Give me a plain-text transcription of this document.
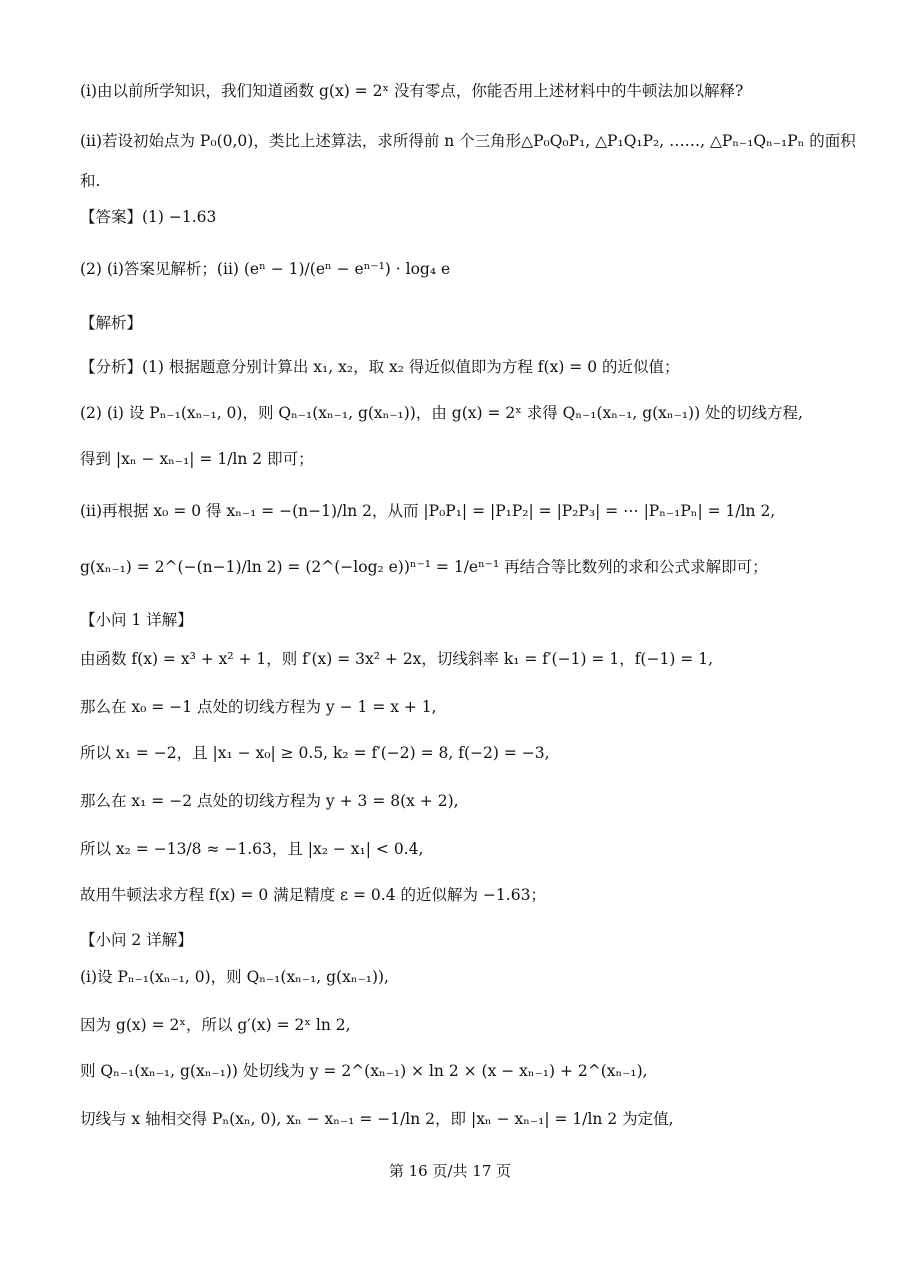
(i)由以前所学知识，我们知道函数 g(x) = 2ˣ 没有零点，你能否用上述材料中的牛顿法加以解释?
(ii)若设初始点为 P₀(0,0)，类比上述算法，求所得前 n 个三角形△P₀Q₀P₁, △P₁Q₁P₂, ……, △Pₙ₋₁Qₙ₋₁Pₙ 的面积
和.
【答案】(1) −1.63
(2) (i)答案见解析；(ii) (eⁿ − 1)/(eⁿ − eⁿ⁻¹) · log₄ e
【解析】
【分析】(1) 根据题意分别计算出 x₁, x₂，取 x₂ 得近似值即为方程 f(x) = 0 的近似值；
(2) (i) 设 Pₙ₋₁(xₙ₋₁, 0)，则 Qₙ₋₁(xₙ₋₁, g(xₙ₋₁))，由 g(x) = 2ˣ 求得 Qₙ₋₁(xₙ₋₁, g(xₙ₋₁)) 处的切线方程,
得到 |xₙ − xₙ₋₁| = 1/ln 2 即可；
(ii)再根据 x₀ = 0 得 xₙ₋₁ = −(n−1)/ln 2，从而 |P₀P₁| = |P₁P₂| = |P₂P₃| = ⋯ |Pₙ₋₁Pₙ| = 1/ln 2,
g(xₙ₋₁) = 2^(−(n−1)/ln 2) = (2^(−log₂ e))ⁿ⁻¹ = 1/eⁿ⁻¹ 再结合等比数列的求和公式求解即可；
【小问 1 详解】
由函数 f(x) = x³ + x² + 1，则 f′(x) = 3x² + 2x，切线斜率 k₁ = f′(−1) = 1，f(−1) = 1,
那么在 x₀ = −1 点处的切线方程为 y − 1 = x + 1,
所以 x₁ = −2，且 |x₁ − x₀| ≥ 0.5, k₂ = f′(−2) = 8, f(−2) = −3,
那么在 x₁ = −2 点处的切线方程为 y + 3 = 8(x + 2),
所以 x₂ = −13/8 ≈ −1.63，且 |x₂ − x₁| < 0.4,
故用牛顿法求方程 f(x) = 0 满足精度 ε = 0.4 的近似解为 −1.63；
【小问 2 详解】
(i)设 Pₙ₋₁(xₙ₋₁, 0)，则 Qₙ₋₁(xₙ₋₁, g(xₙ₋₁)),
因为 g(x) = 2ˣ，所以 g′(x) = 2ˣ ln 2,
则 Qₙ₋₁(xₙ₋₁, g(xₙ₋₁)) 处切线为 y = 2^(xₙ₋₁) × ln 2 × (x − xₙ₋₁) + 2^(xₙ₋₁),
切线与 x 轴相交得 Pₙ(xₙ, 0), xₙ − xₙ₋₁ = −1/ln 2，即 |xₙ − xₙ₋₁| = 1/ln 2 为定值,
第 16 页/共 17 页
